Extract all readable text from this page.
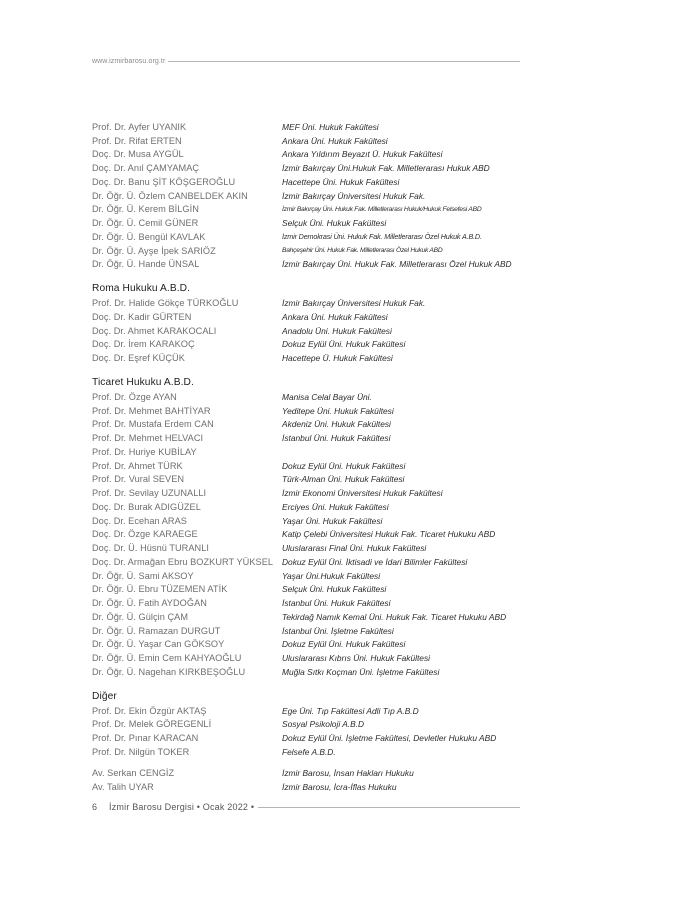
www.izmirbarosu.org.tr
Prof. Dr. Ayfer UYANIK	MEF Üni. Hukuk Fakültesi
Prof. Dr. Rifat ERTEN	Ankara Üni. Hukuk Fakültesi
Doç. Dr. Musa AYGÜL	Ankara Yıldırım Beyazıt Ü. Hukuk Fakültesi
Doç. Dr. Anıl ÇAMYAMAÇ	İzmir Bakırçay Üni.Hukuk Fak. Milletlerarası Hukuk ABD
Doç. Dr. Banu ŞİT KÖŞGEROĞLU	Hacettepe Üni. Hukuk Fakültesi
Dr. Öğr. Ü. Özlem CANBELDEK AKIN	İzmir Bakırçay Üniversitesi Hukuk Fak.
Dr. Öğr. Ü. Kerem BİLGİN	İzmir Bakırçay Üni. Hukuk Fak. Milletlerarası Hukuk/Hukuk Felsefesi ABD
Dr. Öğr. Ü. Cemil GÜNER	Selçuk Üni. Hukuk Fakültesi
Dr. Öğr. Ü. Bengül KAVLAK	İzmir Demokrasi Üni. Hukuk Fak. Milletlerarası Özel Hukuk A.B.D.
Dr. Öğr. Ü. Ayşe İpek SARIÖZ	Bahçeşehir Üni. Hukuk Fak. Milletlerarası Özel Hukuk ABD
Dr. Öğr. Ü. Hande ÜNSAL	İzmir Bakırçay Üni. Hukuk Fak. Milletlerarası Özel Hukuk ABD
Roma Hukuku A.B.D.
Prof. Dr. Halide Gökçe TÜRKOĞLU	İzmir Bakırçay Üniversitesi Hukuk Fak.
Doç. Dr. Kadir GÜRTEN	Ankara Üni. Hukuk Fakültesi
Doç. Dr. Ahmet KARAKOCALI	Anadolu Üni. Hukuk Fakültesi
Doç. Dr. İrem KARAKOÇ	Dokuz Eylül Üni. Hukuk Fakültesi
Doç. Dr. Eşref KÜÇÜK	Hacettepe Ü. Hukuk Fakültesi
Ticaret Hukuku A.B.D.
Prof. Dr. Özge AYAN	Manisa Celal Bayar Üni.
Prof. Dr. Mehmet BAHTİYAR	Yeditepe Üni. Hukuk Fakültesi
Prof. Dr. Mustafa Erdem CAN	Akdeniz Üni. Hukuk Fakültesi
Prof. Dr. Mehmet HELVACI	İstanbul Üni. Hukuk Fakültesi
Prof. Dr. Huriye KUBİLAY
Prof. Dr. Ahmet TÜRK	Dokuz Eylül Üni. Hukuk Fakültesi
Prof. Dr. Vural SEVEN	Türk-Alman Üni. Hukuk Fakültesi
Prof. Dr. Sevilay UZUNALLI	İzmir Ekonomi Üniversitesi Hukuk Fakültesi
Doç. Dr. Burak ADIGÜZEL	Erciyes Üni. Hukuk Fakültesi
Doç. Dr. Ecehan ARAS	Yaşar Üni. Hukuk Fakültesi
Doç. Dr. Özge KARAEGE	Katip Çelebi Üniversitesi Hukuk Fak. Ticaret Hukuku ABD
Doç. Dr. Ü. Hüsnü TURANLI	Uluslararası Final Üni. Hukuk Fakültesi
Doç. Dr. Armağan Ebru BOZKURT YÜKSEL	Dokuz Eylül Üni. İktisadi ve İdari Bilimler Fakültesi
Dr. Öğr. Ü. Sami AKSOY	Yaşar Üni.Hukuk Fakültesi
Dr. Öğr. Ü. Ebru TÜZEMEN ATİK	Selçuk Üni. Hukuk Fakültesi
Dr. Öğr. Ü. Fatih AYDOĞAN	İstanbul Üni. Hukuk Fakültesi
Dr. Öğr. Ü. Gülçin ÇAM	Tekirdağ Namık Kemal Üni. Hukuk Fak. Ticaret Hukuku ABD
Dr. Öğr. Ü. Ramazan DURGUT	İstanbul Üni. İşletme Fakültesi
Dr. Öğr. Ü. Yaşar Can GÖKSOY	Dokuz Eylül Üni. Hukuk Fakültesi
Dr. Öğr. Ü. Emin Cem KAHYAOĞLU	Uluslararası Kıbrıs Üni. Hukuk Fakültesi
Dr. Öğr. Ü. Nagehan KIRKBEŞOĞLU	Muğla Sıtkı Koçman Üni. İşletme Fakültesi
Diğer
Prof. Dr. Ekin Özgür AKTAŞ	Ege Üni. Tıp Fakültesi Adli Tıp A.B.D
Prof. Dr. Melek GÖREGENLİ	Sosyal Psikoloji A.B.D
Prof. Dr. Pınar KARACAN	Dokuz Eylül Üni. İşletme Fakültesi, Devletler Hukuku ABD
Prof. Dr. Nilgün TOKER	Felsefe A.B.D.
Av. Serkan CENGİZ	İzmir Barosu, İnsan Hakları Hukuku
Av. Talih UYAR	İzmir Barosu, İcra-İflas Hukuku
6 İzmir Barosu Dergisi • Ocak 2022 •
